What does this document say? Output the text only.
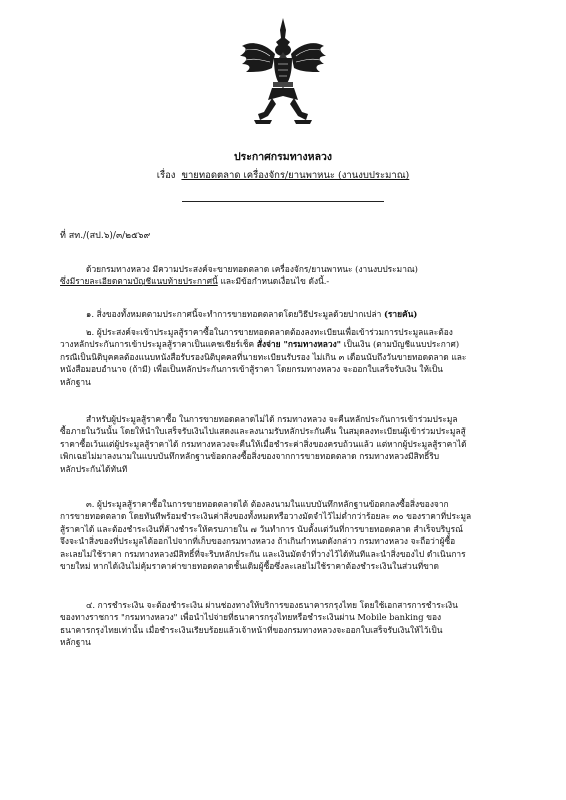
ประกาศกรมทางหลวง
เรื่อง ขายทอดตลาด เครื่องจักร/ยานพาหนะ (งานงบประมาณ)
ที่ สท./(สป.๖)/๓/๒๕๖๙
ด้วยกรมทางหลวง มีความประสงค์จะขายทอดตลาด เครื่องจักร/ยานพาหนะ (งานงบประมาณ)
ซึ่งมีรายละเอียดตามบัญชีแนบท้ายประกาศนี้ และมีข้อกำหนดเงื่อนไข ดังนี้.-
๑. สิ่งของทั้งหมดตามประกาศนี้จะทำการขายทอดตลาดโดยวิธีประมูลด้วยปากเปล่า (รายคัน)
๒. ผู้ประสงค์จะเข้าประมูลสู้ราคาซื้อในการขายทอดตลาดต้องลงทะเบียนเพื่อเข้าร่วมการประมูลและต้อง
วางหลักประกันการเข้าประมูลสู้ราคาเป็นแคชเชียร์เช็ค สั่งจ่าย "กรมทางหลวง" เป็นเงิน (ตามบัญชีแนบประกาศ)
กรณีเป็นนิติบุคคลต้องแนบหนังสือรับรองนิติบุคคลที่นายทะเบียนรับรอง ไม่เกิน ๓ เดือนนับถึงวันขายทอดตลาด และ
หนังสือมอบอำนาจ (ถ้ามี) เพื่อเป็นหลักประกันการเข้าสู้ราคา โดยกรมทางหลวง จะออกใบเสร็จรับเงิน ให้เป็น
หลักฐาน
สำหรับผู้ประมูลสู้ราคาซื้อ ในการขายทอดตลาดไม่ได้ กรมทางหลวง จะคืนหลักประกันการเข้าร่วมประมูล
ซื้อภายในวันนั้น โดยให้นำใบเสร็จรับเงินไปแสดงและลงนามรับหลักประกันคืน ในสมุดลงทะเบียนผู้เข้าร่วมประมูลสู้
ราคาซื้อเว้นแต่ผู้ประมูลสู้ราคาได้ กรมทางหลวงจะคืนให้เมื่อชำระค่าสิ่งของครบถ้วนแล้ว แต่หากผู้ประมูลสู้ราคาได้
เพิกเฉยไม่มาลงนามในแบบบันทึกหลักฐานข้อตกลงซื้อสิ่งของจากการขายทอดตลาด กรมทางหลวงมีสิทธิ์ริบ
หลักประกันได้ทันที
๓. ผู้ประมูลสู้ราคาซื้อในการขายทอดตลาดได้ ต้องลงนามในแบบบันทึกหลักฐานข้อตกลงซื้อสิ่งของจาก
การขายทอดตลาด โดยทันทีพร้อมชำระเงินค่าสิ่งของทั้งหมดหรือวางมัดจำไว้ไม่ต่ำกว่าร้อยละ ๓๐ ของราคาที่ประมูล
สู้ราคาได้ และต้องชำระเงินที่ค้างชำระให้ครบภายใน ๗ วันทำการ นับตั้งแต่วันที่การขายทอดตลาด สำเร็จบริบูรณ์
จึงจะนำสิ่งของที่ประมูลได้ออกไปจากที่เก็บของกรมทางหลวง ถ้าเกินกำหนดดังกล่าว กรมทางหลวง จะถือว่าผู้ซื้อ
ละเลยไม่ใช้ราคา กรมทางหลวงมีสิทธิ์ที่จะริบหลักประกัน และเงินมัดจำที่วางไว้ได้ทันทีและนำสิ่งของไป ดำเนินการ
ขายใหม่ หากได้เงินไม่คุ้มราคาค่าขายทอดตลาดชั้นเดิมผู้ซื้อซึ่งละเลยไม่ใช้ราคาต้องชำระเงินในส่วนที่ขาด
๔. การชำระเงิน จะต้องชำระเงิน ผ่านช่องทางให้บริการของธนาคารกรุงไทย โดยใช้เอกสารการชำระเงิน
ของทางราชการ "กรมทางหลวง" เพื่อนำไปจ่ายที่ธนาคารกรุงไทยหรือชำระเงินผ่าน Mobile banking ของ
ธนาคารกรุงไทยเท่านั้น เมื่อชำระเงินเรียบร้อยแล้วเจ้าหน้าที่ของกรมทางหลวงจะออกใบเสร็จรับเงินให้ไว้เป็น
หลักฐาน
